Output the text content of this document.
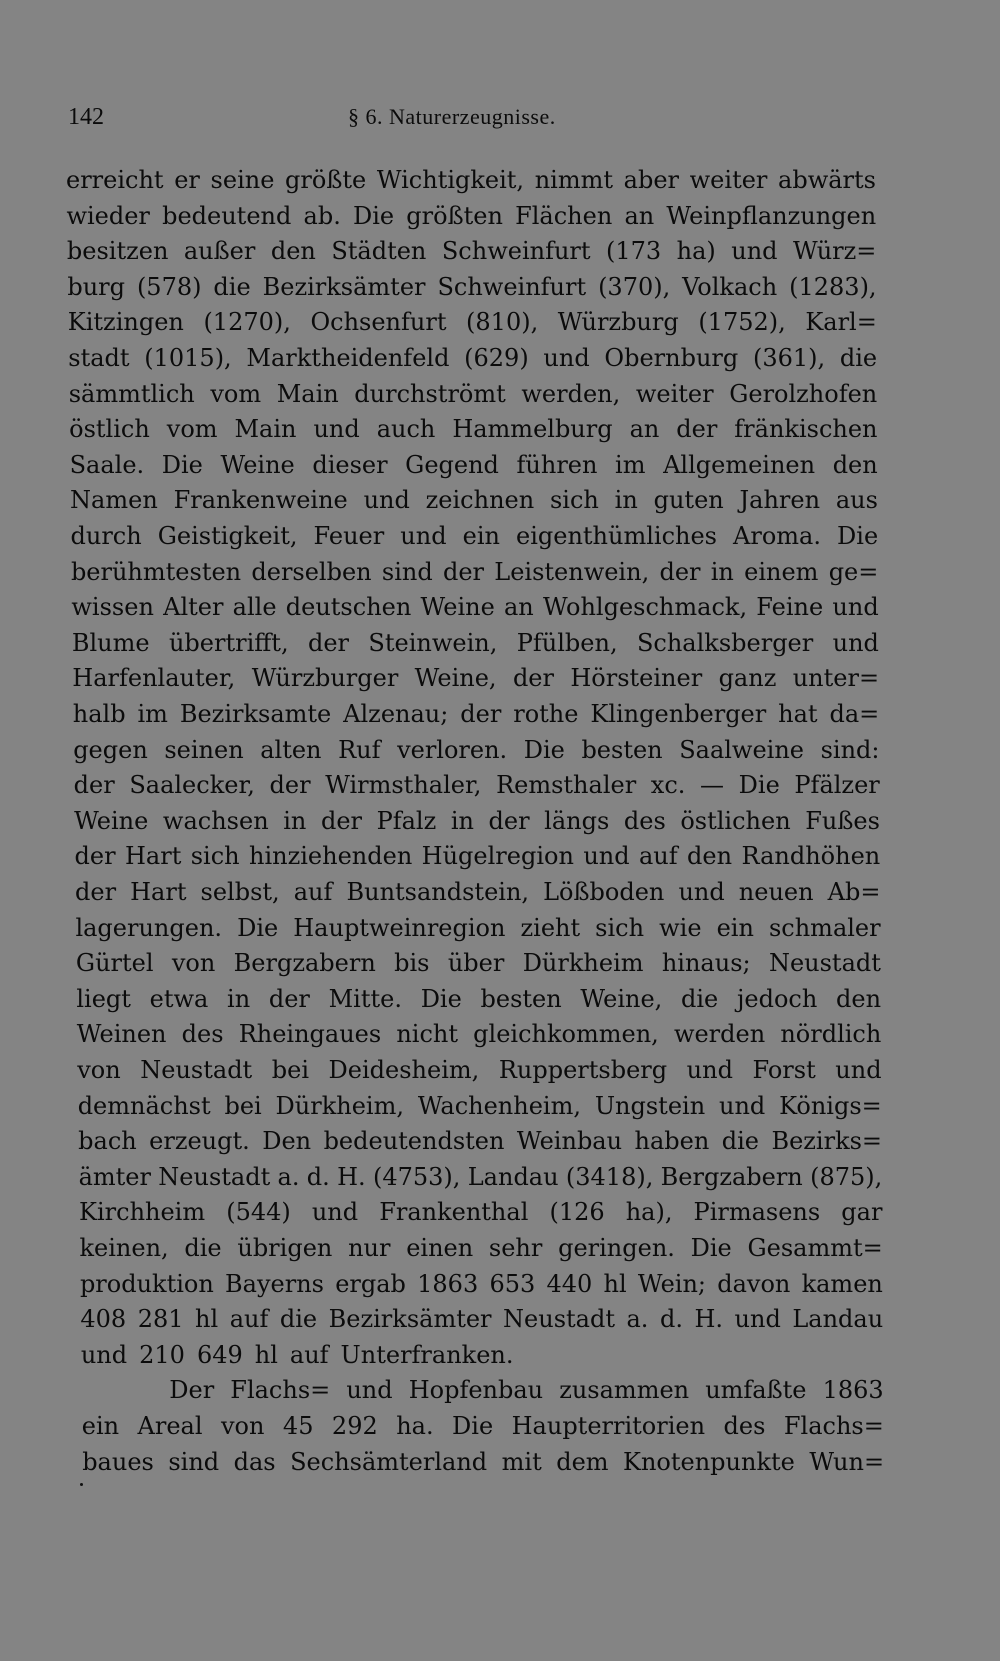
142	§ 6. Naturerzeugnisse.
erreicht er seine größte Wichtigkeit, nimmt aber weiter abwärts
wieder bedeutend ab. Die größten Flächen an Weinpflanzungen
besitzen außer den Städten Schweinfurt (173 ha) und Würz=
burg (578) die Bezirksämter Schweinfurt (370), Volkach (1283),
Kitzingen (1270), Ochsenfurt (810), Würzburg (1752), Karl=
stadt (1015), Marktheidenfeld (629) und Obernburg (361), die
sämmtlich vom Main durchströmt werden, weiter Gerolzhofen
östlich vom Main und auch Hammelburg an der fränkischen
Saale. Die Weine dieser Gegend führen im Allgemeinen den
Namen Frankenweine und zeichnen sich in guten Jahren aus
durch Geistigkeit, Feuer und ein eigenthümliches Aroma. Die
berühmtesten derselben sind der Leistenwein, der in einem ge=
wissen Alter alle deutschen Weine an Wohlgeschmack, Feine und
Blume übertrifft, der Steinwein, Pfülben, Schalksberger und
Harfenlauter, Würzburger Weine, der Hörsteiner ganz unter=
halb im Bezirksamte Alzenau; der rothe Klingenberger hat da=
gegen seinen alten Ruf verloren. Die besten Saalweine sind:
der Saalecker, der Wirmsthaler, Remsthaler xc. — Die Pfälzer
Weine wachsen in der Pfalz in der längs des östlichen Fußes
der Hart sich hinziehenden Hügelregion und auf den Randhöhen
der Hart selbst, auf Buntsandstein, Lößboden und neuen Ab=
lagerungen. Die Hauptweinregion zieht sich wie ein schmaler
Gürtel von Bergzabern bis über Dürkheim hinaus; Neustadt
liegt etwa in der Mitte. Die besten Weine, die jedoch den
Weinen des Rheingaues nicht gleichkommen, werden nördlich
von Neustadt bei Deidesheim, Ruppertsberg und Forst und
demnächst bei Dürkheim, Wachenheim, Ungstein und Königs=
bach erzeugt. Den bedeutendsten Weinbau haben die Bezirks=
ämter Neustadt a. d. H. (4753), Landau (3418), Bergzabern (875),
Kirchheim (544) und Frankenthal (126 ha), Pirmasens gar
keinen, die übrigen nur einen sehr geringen. Die Gesammt=
produktion Bayerns ergab 1863 653 440 hl Wein; davon kamen
408 281 hl auf die Bezirksämter Neustadt a. d. H. und Landau
und 210 649 hl auf Unterfranken.
Der Flachs= und Hopfenbau zusammen umfaßte 1863
ein Areal von 45 292 ha. Die Haupterritorien des Flachs=
baues sind das Sechsämterland mit dem Knotenpunkte Wun=
